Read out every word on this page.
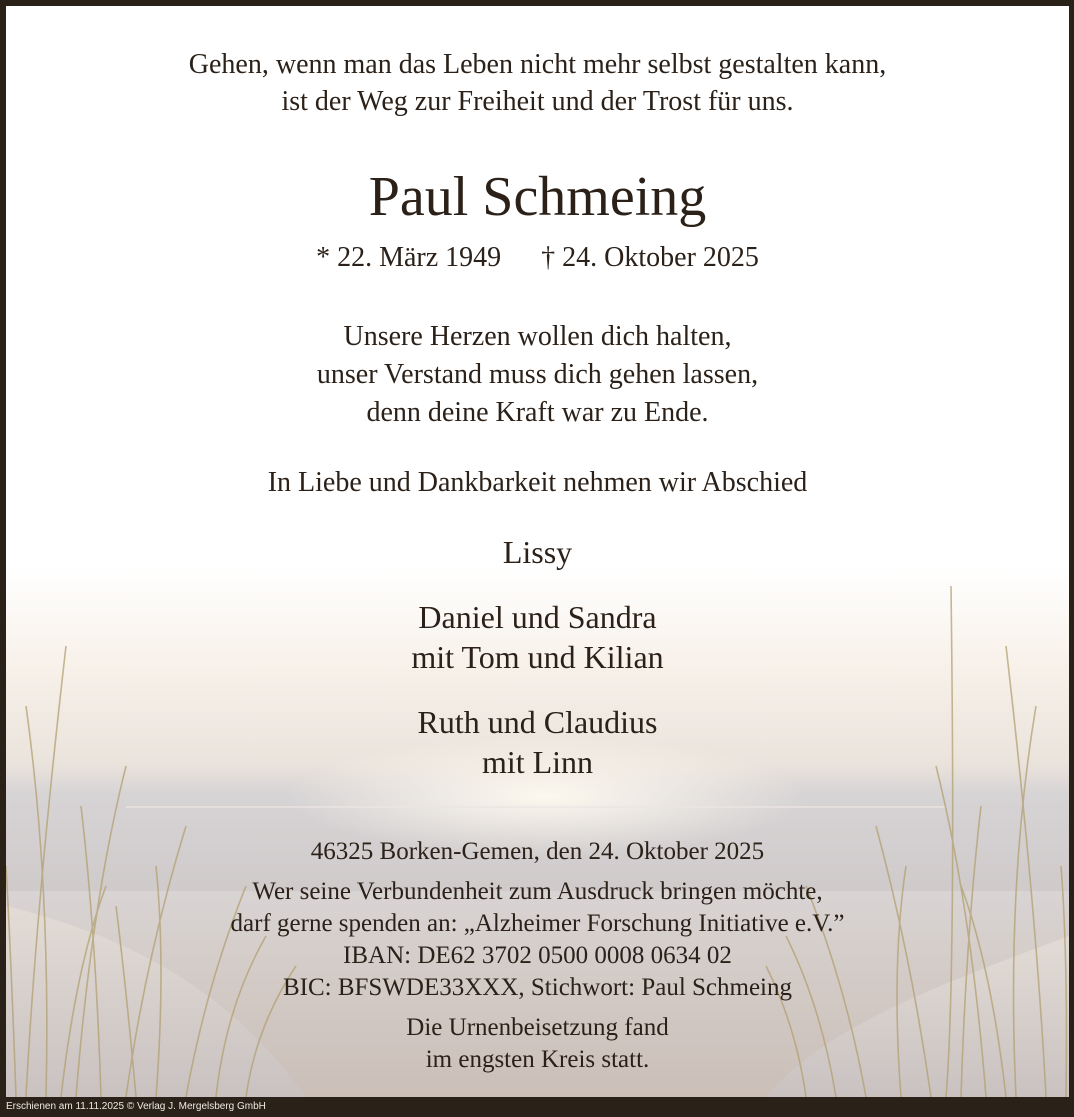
Gehen, wenn man das Leben nicht mehr selbst gestalten kann,
ist der Weg zur Freiheit und der Trost für uns.
Paul Schmeing
* 22. März 1949 † 24. Oktober 2025
Unsere Herzen wollen dich halten,
unser Verstand muss dich gehen lassen,
denn deine Kraft war zu Ende.
In Liebe und Dankbarkeit nehmen wir Abschied
Lissy
Daniel und Sandra
mit Tom und Kilian
Ruth und Claudius
mit Linn
46325 Borken-Gemen, den 24. Oktober 2025
Wer seine Verbundenheit zum Ausdruck bringen möchte,
darf gerne spenden an: „Alzheimer Forschung Initiative e.V.”
IBAN: DE62 3702 0500 0008 0634 02
BIC: BFSWDE33XXX, Stichwort: Paul Schmeing
Die Urnenbeisetzung fand
im engsten Kreis statt.
Erschienen am 11.11.2025 © Verlag J. Mergelsberg GmbH
